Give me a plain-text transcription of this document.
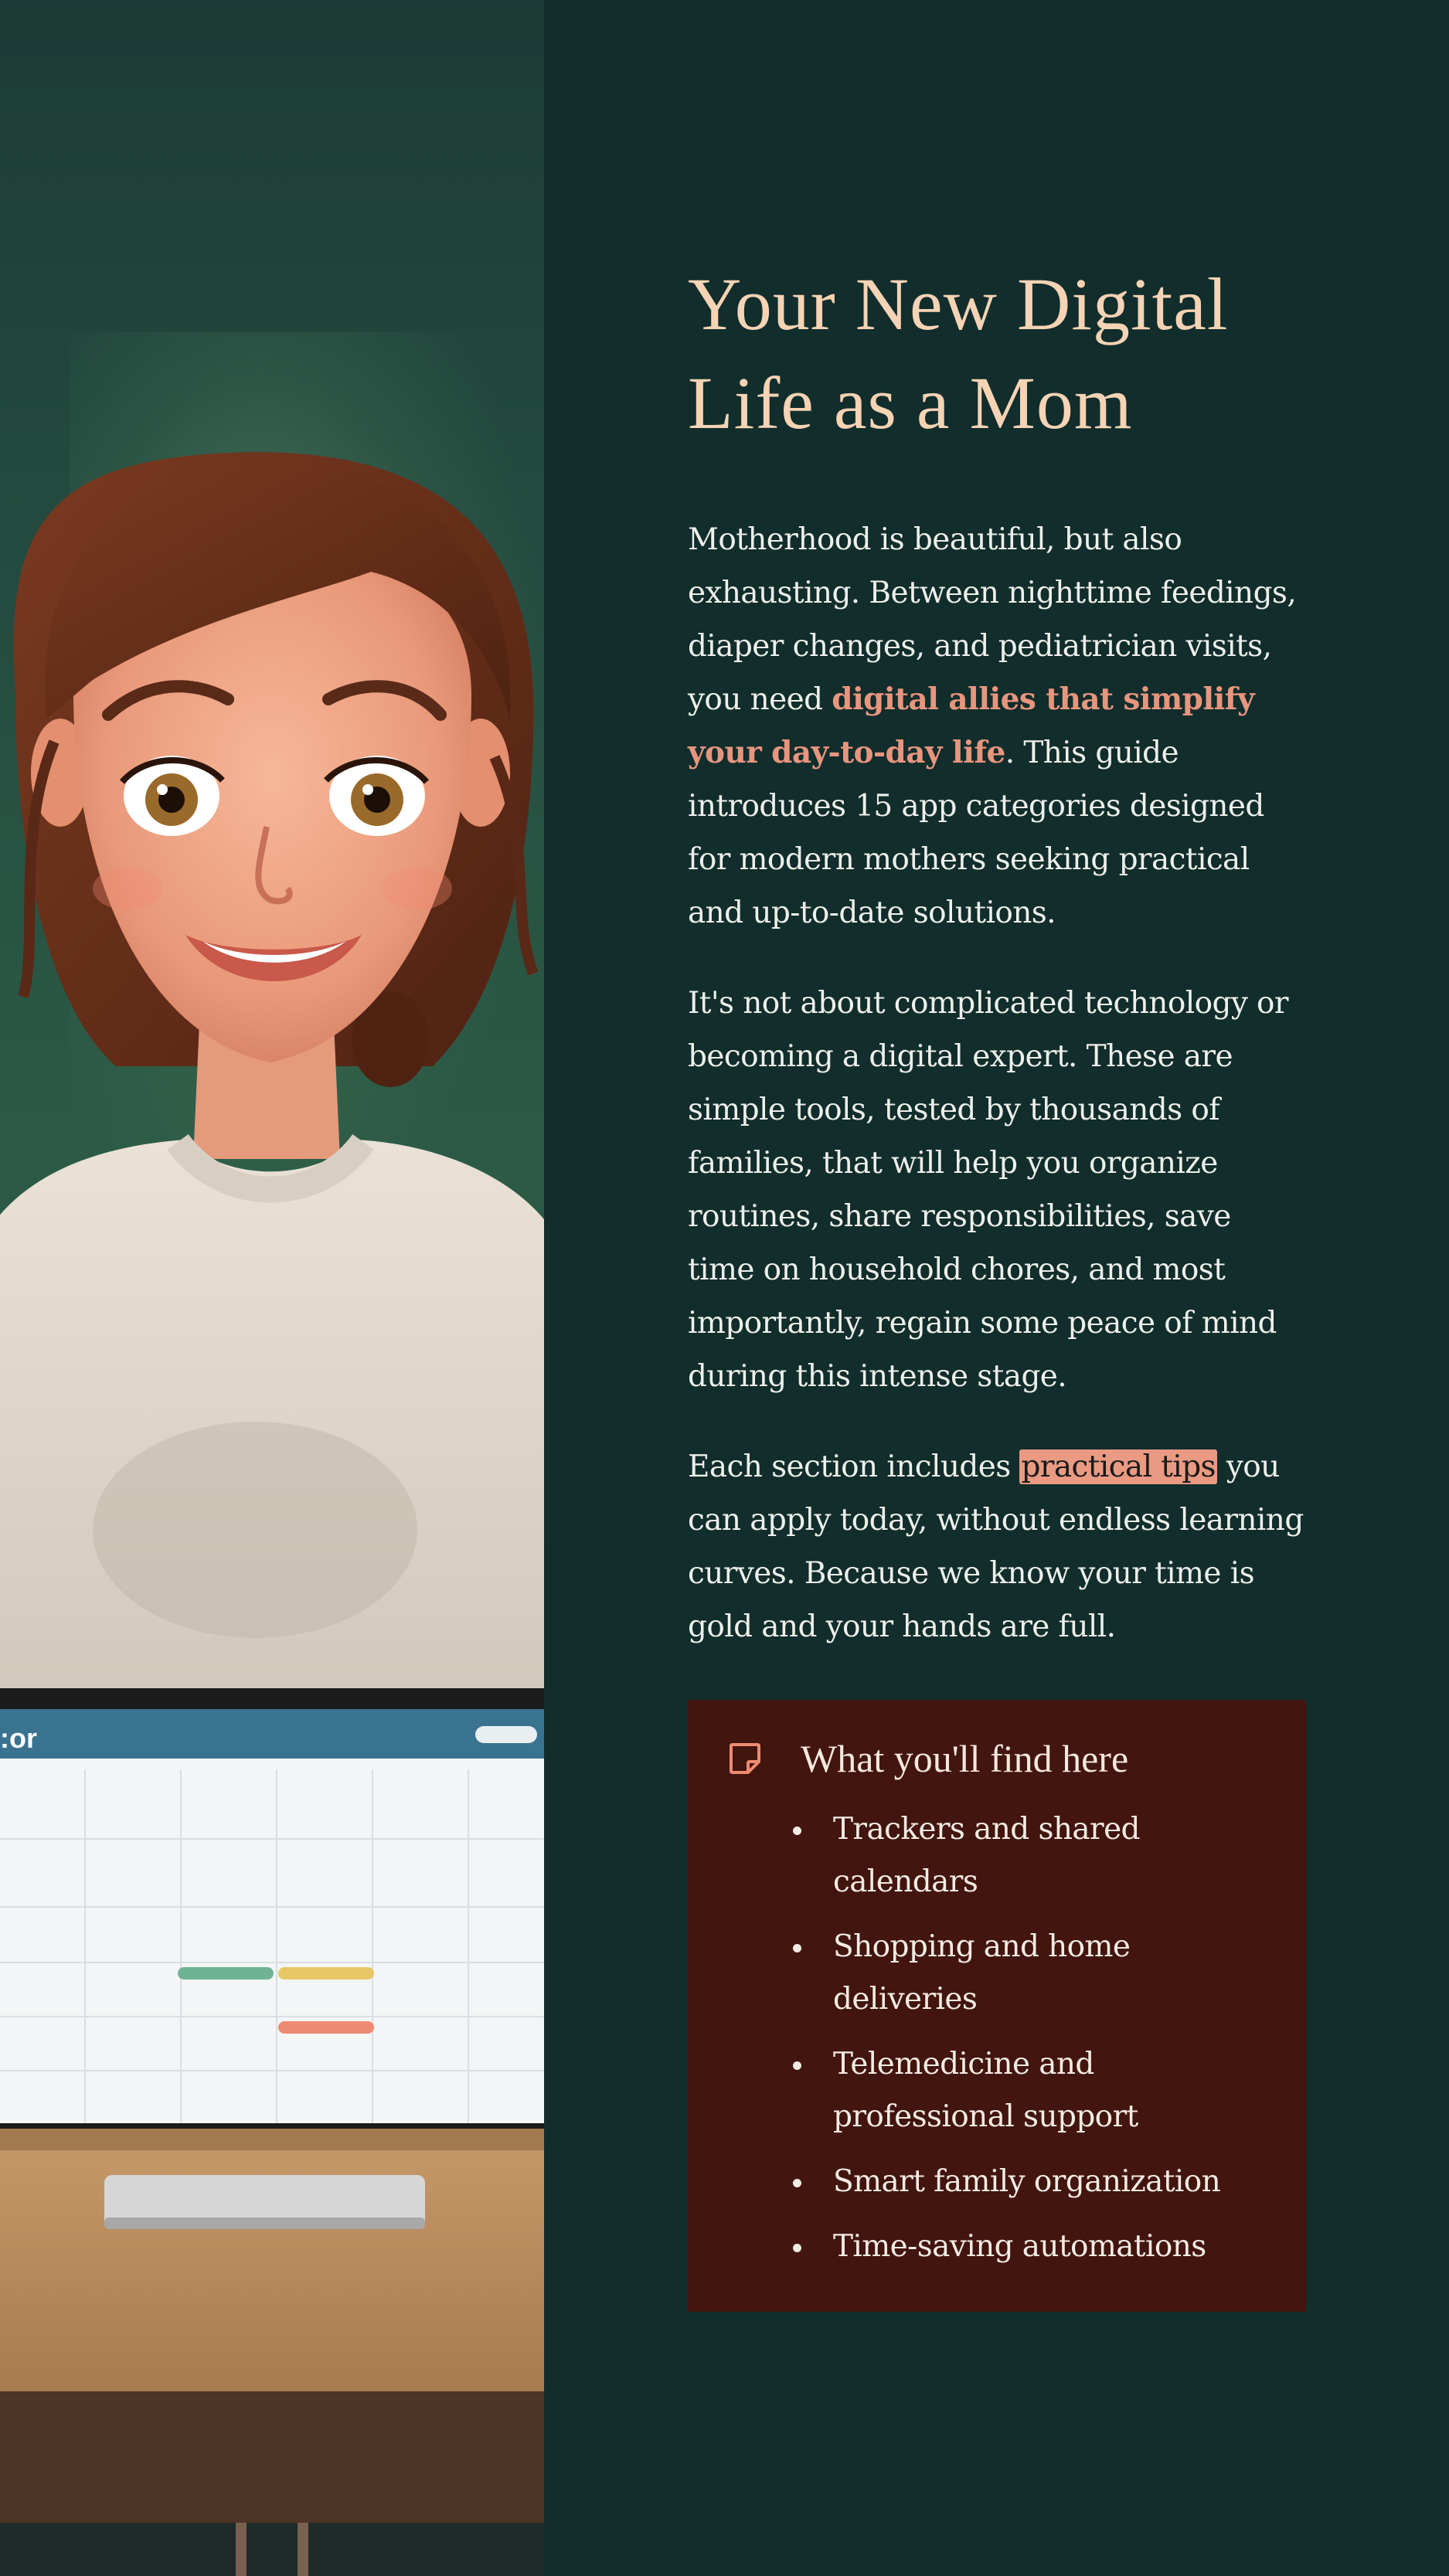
:or
Your New Digital Life as a Mom

Motherhood is beautiful, but also exhausting. Between nighttime feedings, diaper changes, and pediatrician visits, you need digital allies that simplify your day-to-day life. This guide introduces 15 app categories designed for modern mothers seeking practical and up-to-date solutions.

It's not about complicated technology or becoming a digital expert. These are simple tools, tested by thousands of families, that will help you organize routines, share responsibilities, save time on household chores, and most importantly, regain some peace of mind during this intense stage.

Each section includes practical tips you can apply today, without endless learning curves. Because we know your time is gold and your hands are full.

What you'll find here
Trackers and shared calendars
Shopping and home deliveries
Telemedicine and professional support
Smart family organization
Time-saving automations
